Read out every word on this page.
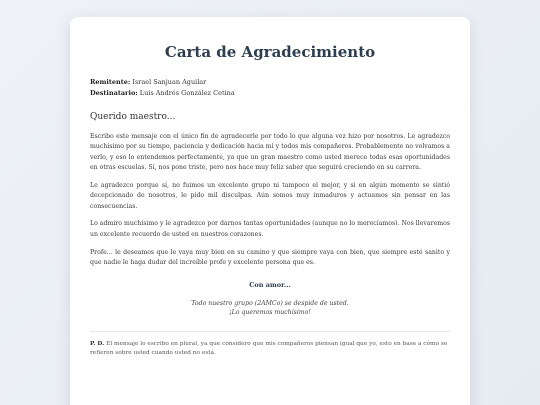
Carta de Agradecimiento
Remitente: Israel Sanjuan Aguilar
Destinatario: Luis Andrés González Cetina
Querido maestro...

Escribo este mensaje con el único fin de agradecerle por todo lo que alguna vez hizo por nosotros. Le agradezco muchísimo por su tiempo, paciencia y dedicación hacia mí y todos mis compañeros. Probablemente no volvamos a verlo, y eso lo entendemos perfectamente, ya que un gran maestro como usted merece todas esas oportunidades en otras escuelas. Sí, nos pone triste, pero nos hace muy feliz saber que seguirá creciendo en su carrera.

Le agradezco porque sí, no fuimos un excelente grupo ni tampoco el mejor, y si en algún momento se sintió decepcionado de nosotros, le pido mil disculpas. Aún somos muy inmaduros y actuamos sin pensar en las consecuencias.

Lo admiro muchísimo y le agradezco por darnos tantas oportunidades (aunque no lo merecíamos). Nos llevaremos un excelente recuerdo de usted en nuestros corazones.

Profe... le deseamos que le vaya muy bien en su camino y que siempre vaya con bien, que siempre esté sanito y que nadie le haga dudar del increíble profe y excelente persona que es.

Con amor...
Todo nuestro grupo (2AMCo) se despide de usted.
¡Lo queremos muchísimo!
P. D. El mensaje lo escribo en plural, ya que considero que mis compañeros piensan igual que yo, esto en base a cómo se refieren sobre usted cuando usted no está.
